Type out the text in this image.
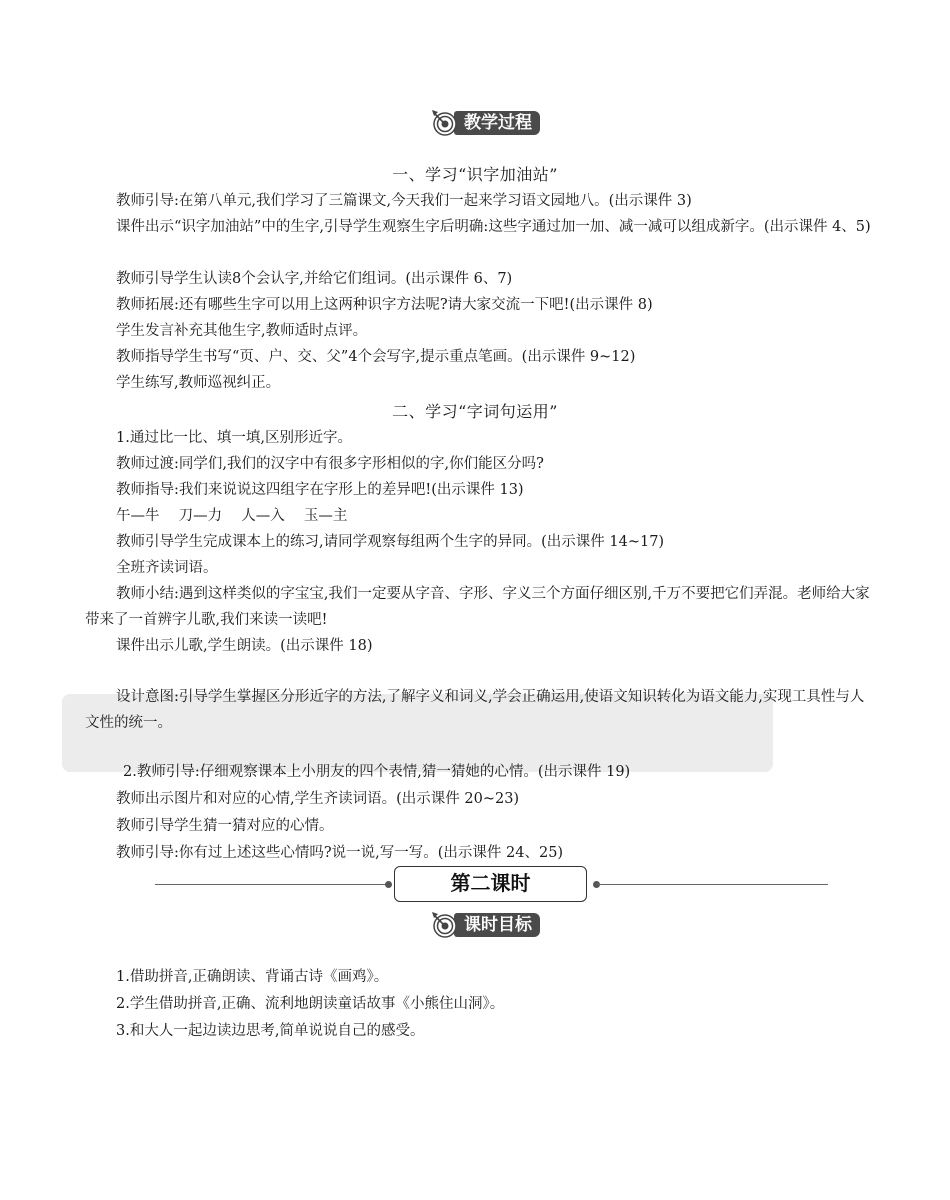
教学过程
一、学习“识字加油站”
教师引导:在第八单元,我们学习了三篇课文,今天我们一起来学习语文园地八。(出示课件 3)
课件出示“识字加油站”中的生字,引导学生观察生字后明确:这些字通过加一加、减一减可以组成新字。(出示课件 4、5)
教师引导学生认读8个会认字,并给它们组词。(出示课件 6、7)
教师拓展:还有哪些生字可以用上这两种识字方法呢?请大家交流一下吧!(出示课件 8)
学生发言补充其他生字,教师适时点评。
教师指导学生书写“页、户、交、父”4个会写字,提示重点笔画。(出示课件 9~12)
学生练写,教师巡视纠正。
二、学习“字词句运用”
1.通过比一比、填一填,区别形近字。
教师过渡:同学们,我们的汉字中有很多字形相似的字,你们能区分吗?
教师指导:我们来说说这四组字在字形上的差异吧!(出示课件 13)
午—牛　 刀—力　 人—入　 玉—主
教师引导学生完成课本上的练习,请同学观察每组两个生字的异同。(出示课件 14~17)
全班齐读词语。
教师小结:遇到这样类似的字宝宝,我们一定要从字音、字形、字义三个方面仔细区别,千万不要把它们弄混。老师给大家带来了一首辨字儿歌,我们来读一读吧!
课件出示儿歌,学生朗读。(出示课件 18)
设计意图:引导学生掌握区分形近字的方法,了解字义和词义,学会正确运用,使语文知识转化为语文能力,实现工具性与人文性的统一。
2.教师引导:仔细观察课本上小朋友的四个表情,猜一猜她的心情。(出示课件 19)
教师出示图片和对应的心情,学生齐读词语。(出示课件 20~23)
教师引导学生猜一猜对应的心情。
教师引导:你有过上述这些心情吗?说一说,写一写。(出示课件 24、25)
第二课时
课时目标
1.借助拼音,正确朗读、背诵古诗《画鸡》。
2.学生借助拼音,正确、流利地朗读童话故事《小熊住山洞》。
3.和大人一起边读边思考,简单说说自己的感受。
